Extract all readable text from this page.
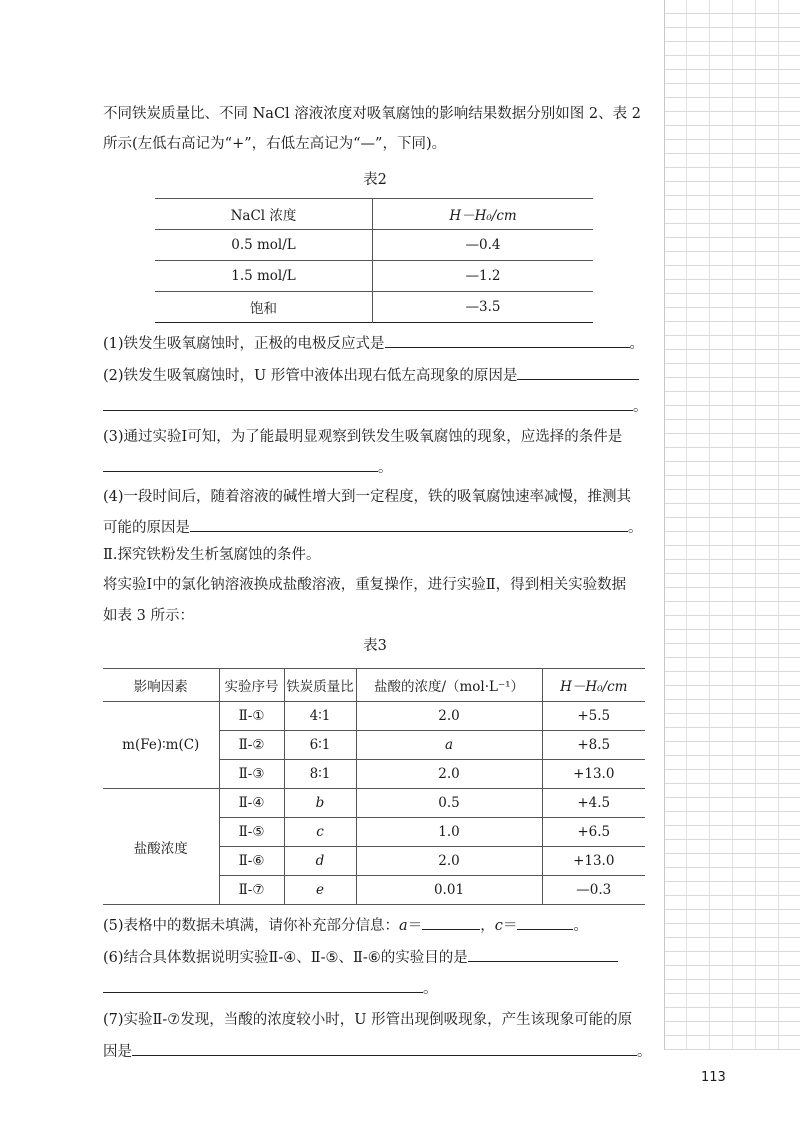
不同铁炭质量比、不同 NaCl 溶液浓度对吸氧腐蚀的影响结果数据分别如图 2、表 2
所示(左低右高记为“+”，右低左高记为“—”，下同)。
表2
NaCl 浓度	H－H₀/cm
0.5 mol/L	—0.4
1.5 mol/L	—1.2
饱和	—3.5
(1)铁发生吸氧腐蚀时，正极的电极反应式是	。
(2)铁发生吸氧腐蚀时，U 形管中液体出现右低左高现象的原因是
。
(3)通过实验Ⅰ可知，为了能最明显观察到铁发生吸氧腐蚀的现象，应选择的条件是
。
(4)一段时间后，随着溶液的碱性增大到一定程度，铁的吸氧腐蚀速率减慢，推测其
可能的原因是	。
Ⅱ.探究铁粉发生析氢腐蚀的条件。
将实验Ⅰ中的氯化钠溶液换成盐酸溶液，重复操作，进行实验Ⅱ，得到相关实验数据
如表 3 所示：
表3
影响因素	实验序号	铁炭质量比	盐酸的浓度/（mol·L⁻¹）	H－H₀/cm
m(Fe)∶m(C)	Ⅱ-①	4∶1	2.0	+5.5
	Ⅱ-②	6∶1	a	+8.5
	Ⅱ-③	8∶1	2.0	+13.0
盐酸浓度	Ⅱ-④	b	0.5	+4.5
	Ⅱ-⑤	c	1.0	+6.5
	Ⅱ-⑥	d	2.0	+13.0
	Ⅱ-⑦	e	0.01	—0.3
(5)表格中的数据未填满，请你补充部分信息：a＝	，c＝	。
(6)结合具体数据说明实验Ⅱ-④、Ⅱ-⑤、Ⅱ-⑥的实验目的是
。
(7)实验Ⅱ-⑦发现，当酸的浓度较小时，U 形管出现倒吸现象，产生该现象可能的原
因是	。
113
